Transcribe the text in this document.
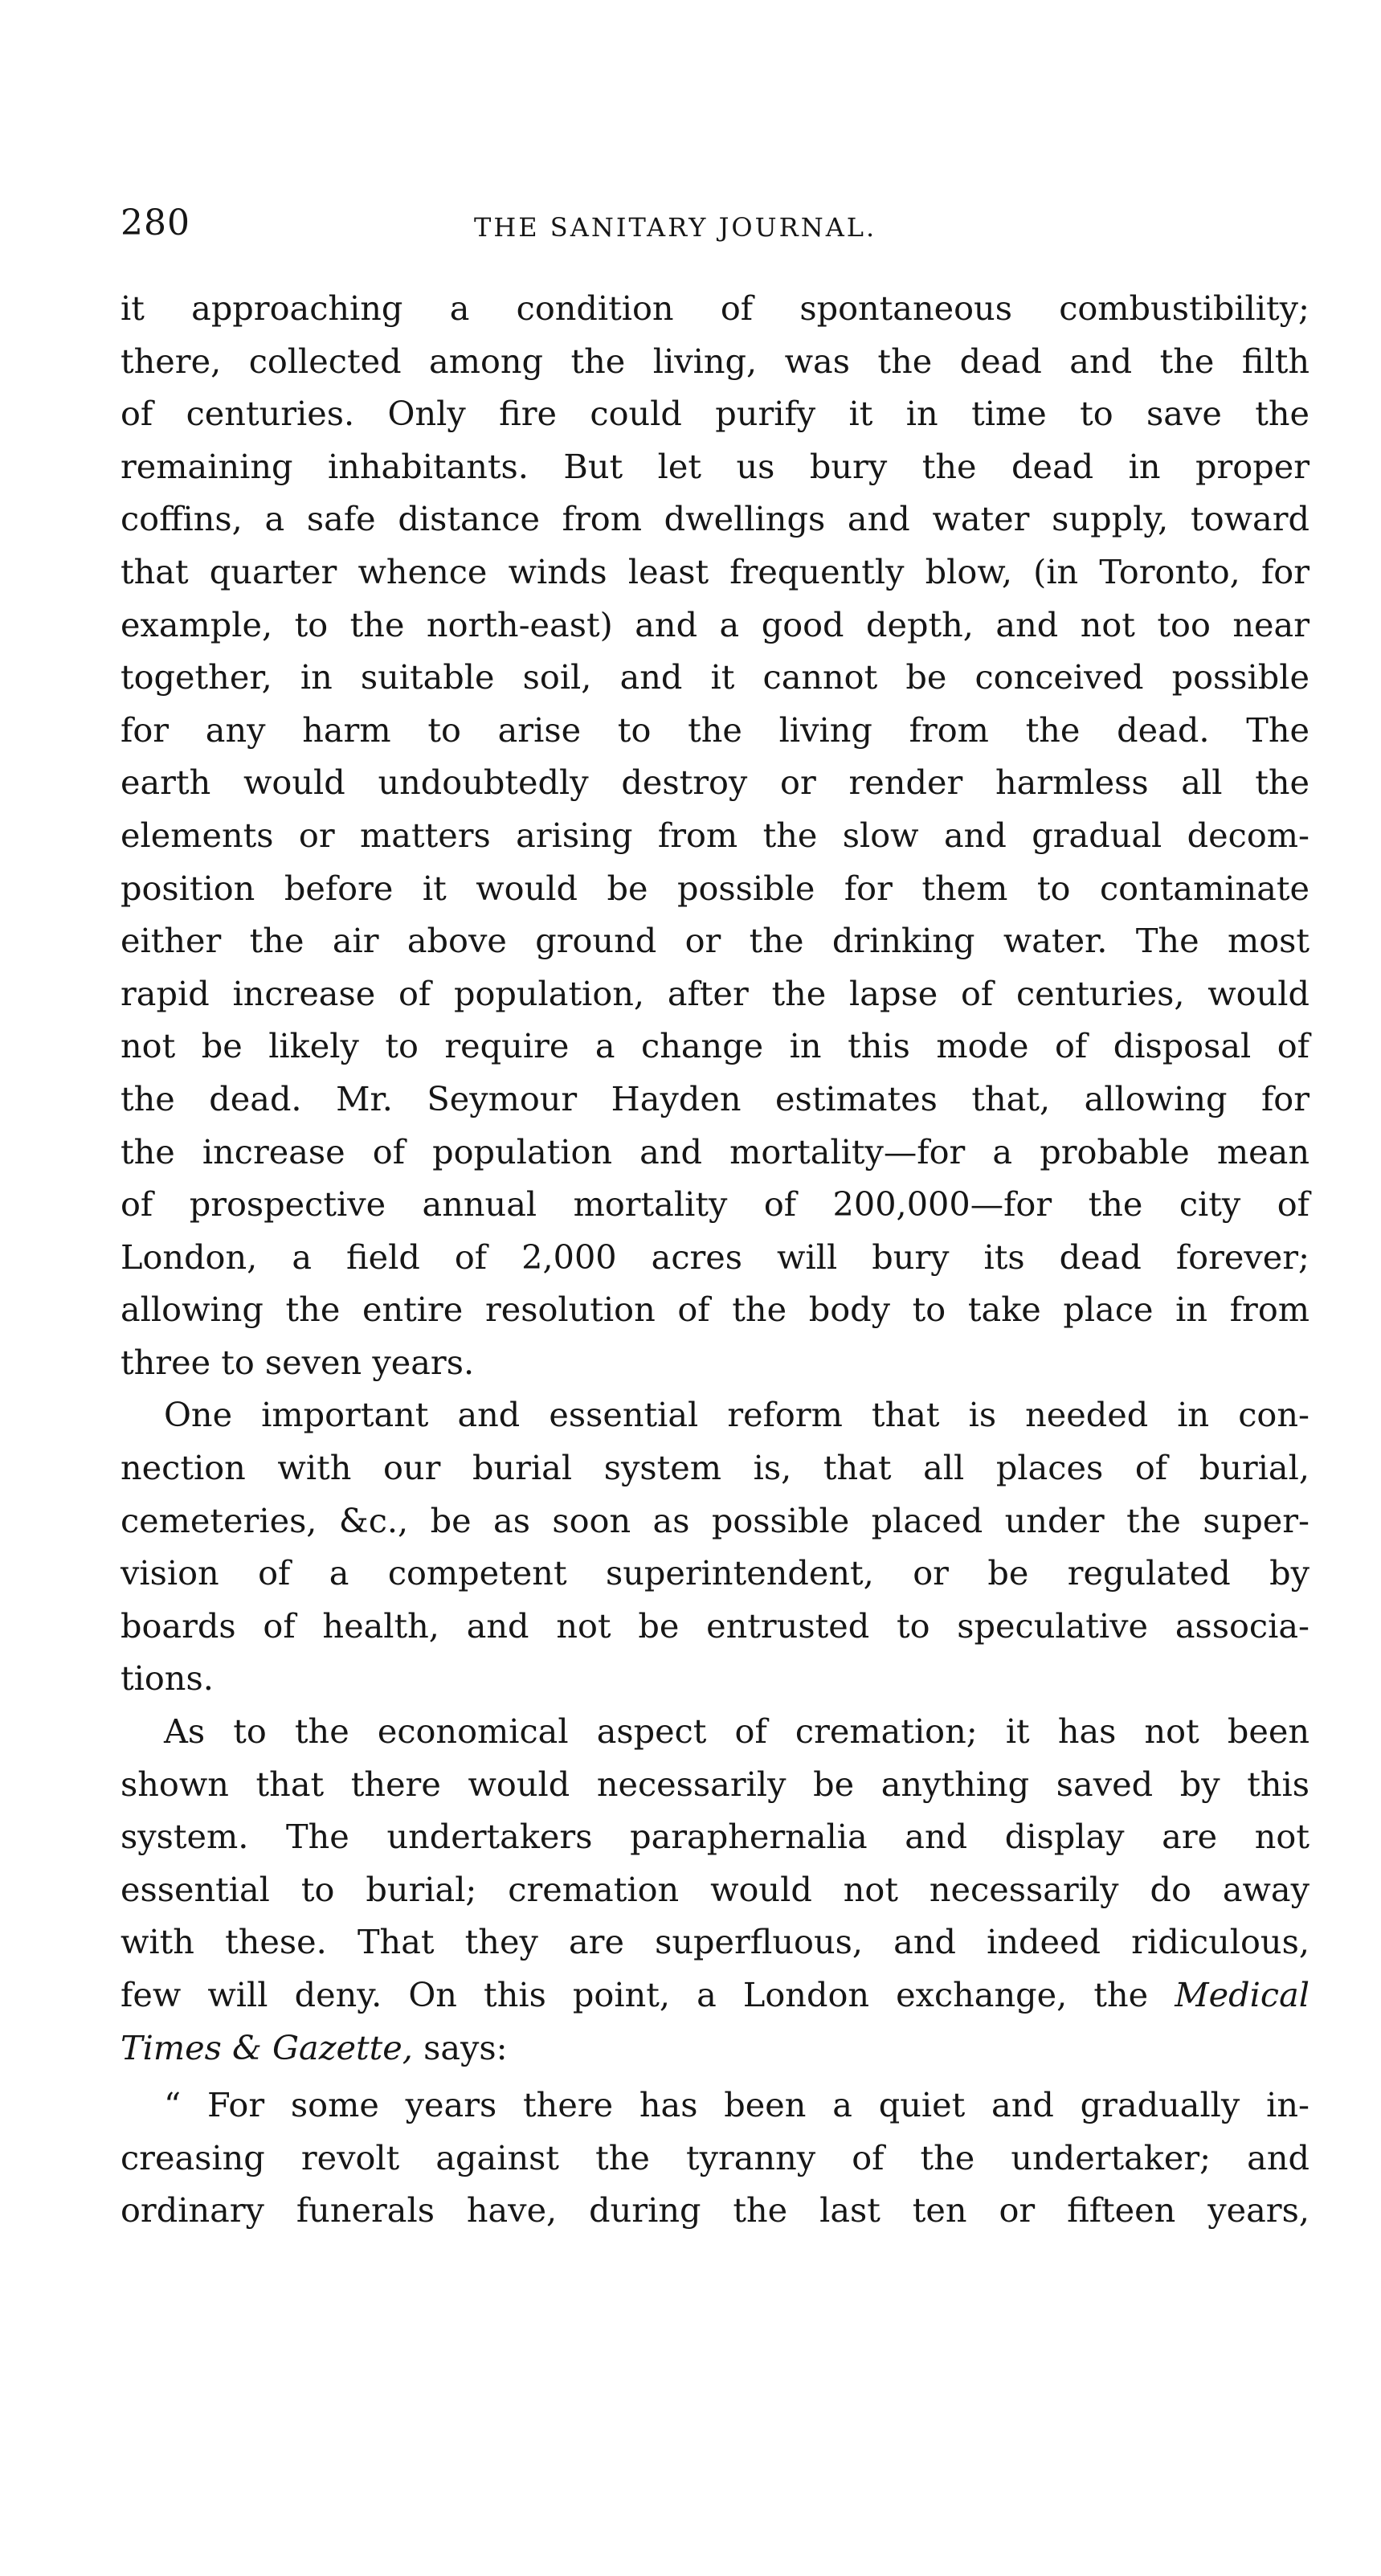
280	THE SANITARY JOURNAL.

it approaching a condition of spontaneous combustibility;
there, collected among the living, was the dead and the filth
of centuries. Only fire could purify it in time to save the
remaining inhabitants. But let us bury the dead in proper
coffins, a safe distance from dwellings and water supply, toward
that quarter whence winds least frequently blow, (in Toronto, for
example, to the north-east) and a good depth, and not too near
together, in suitable soil, and it cannot be conceived possible
for any harm to arise to the living from the dead. The
earth would undoubtedly destroy or render harmless all the
elements or matters arising from the slow and gradual decom-
position before it would be possible for them to contaminate
either the air above ground or the drinking water. The most
rapid increase of population, after the lapse of centuries, would
not be likely to require a change in this mode of disposal of
the dead. Mr. Seymour Hayden estimates that, allowing for
the increase of population and mortality—for a probable mean
of prospective annual mortality of 200,000—for the city of
London, a field of 2,000 acres will bury its dead forever;
allowing the entire resolution of the body to take place in from
three to seven years.

One important and essential reform that is needed in con-
nection with our burial system is, that all places of burial,
cemeteries, &c., be as soon as possible placed under the super-
vision of a competent superintendent, or be regulated by
boards of health, and not be entrusted to speculative associa-
tions.

As to the economical aspect of cremation; it has not been
shown that there would necessarily be anything saved by this
system. The undertakers paraphernalia and display are not
essential to burial; cremation would not necessarily do away
with these. That they are superfluous, and indeed ridiculous,
few will deny. On this point, a London exchange, the Medical
Times & Gazette, says:

“ For some years there has been a quiet and gradually in-
creasing revolt against the tyranny of the undertaker; and
ordinary funerals have, during the last ten or fifteen years,
